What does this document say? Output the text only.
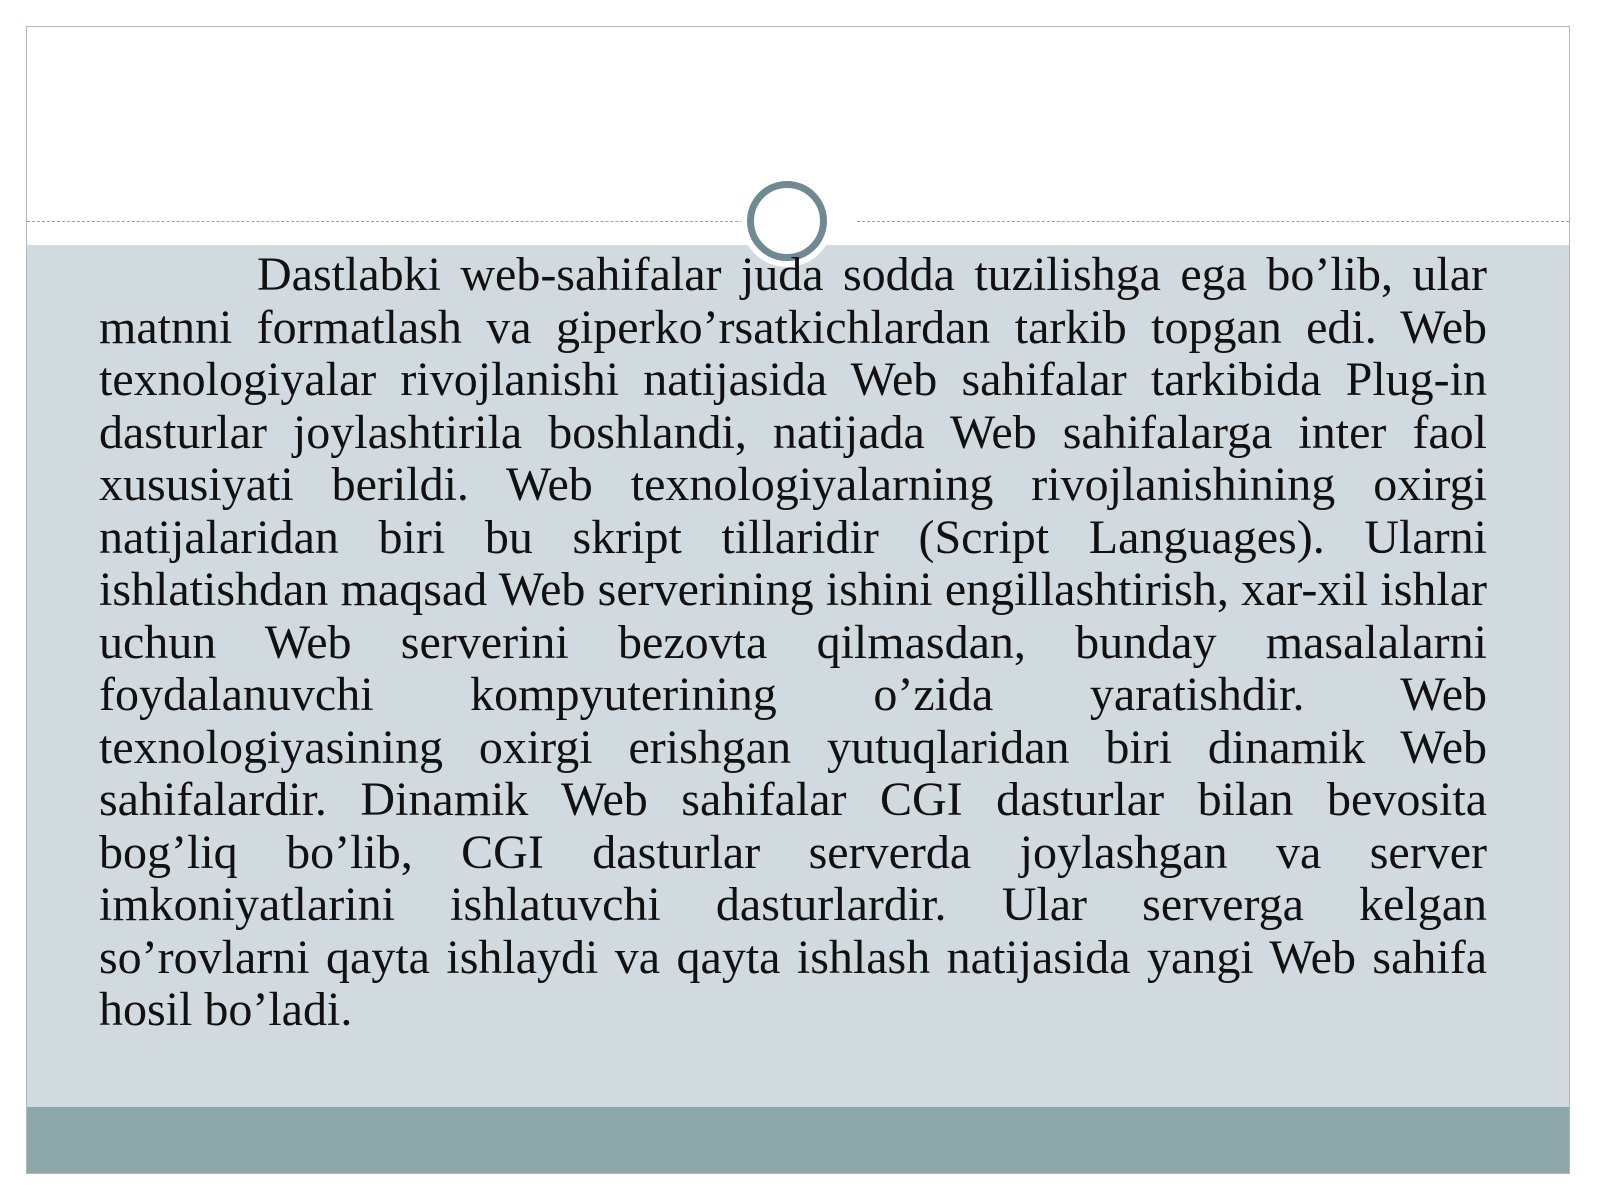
Dastlabki web-sahifalar juda sodda tuzilishga ega bo’lib, ular matnni formatlash va giperko’rsatkichlardan tarkib topgan edi. Web texnologiyalar rivojlanishi natijasida Web sahifalar tarkibida Plug-in dasturlar joylashtirila boshlandi, natijada Web sahifalarga inter faol xususiyati berildi. Web texnologiyalarning rivojlanishining oxirgi natijalaridan biri bu skript tillaridir (Script Languages). Ularni ishlatishdan maqsad Web serverining ishini engillashtirish, xar-xil ishlar uchun Web serverini bezovta qilmasdan, bunday masalalarni foydalanuvchi kompyuterining o’zida yaratishdir. Web texnologiyasining oxirgi erishgan yutuqlaridan biri dinamik Web sahifalardir. Dinamik Web sahifalar CGI dasturlar bilan bevosita bog’liq bo’lib, CGI dasturlar serverda joylashgan va server imkoniyatlarini ishlatuvchi dasturlardir. Ular serverga kelgan so’rovlarni qayta ishlaydi va qayta ishlash natijasida yangi Web sahifa hosil bo’ladi.
